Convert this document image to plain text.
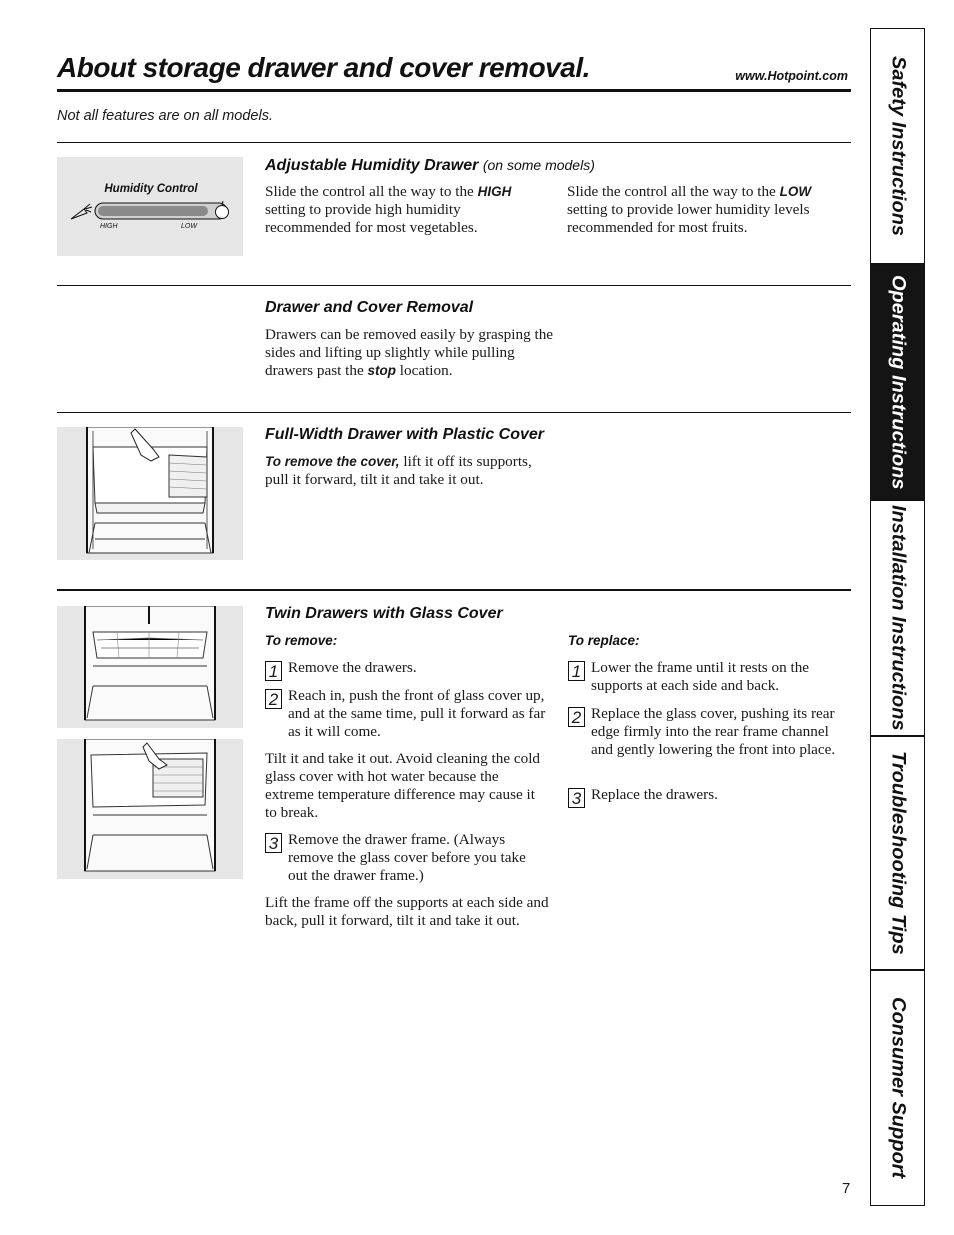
About storage drawer and cover removal.	www.Hotpoint.com
Not all features are on all models.
Humidity Control
HIGH	LOW
Adjustable Humidity Drawer (on some models)
Slide the control all the way to the HIGH setting to provide high humidity recommended for most vegetables.
Slide the control all the way to the LOW setting to provide lower humidity levels recommended for most fruits.
Drawer and Cover Removal
Drawers can be removed easily by grasping the sides and lifting up slightly while pulling drawers past the stop location.
Full-Width Drawer with Plastic Cover
To remove the cover, lift it off its supports, pull it forward, tilt it and take it out.
Twin Drawers with Glass Cover
To remove:	To replace:
1 Remove the drawers.
2 Reach in, push the front of glass cover up, and at the same time, pull it forward as far as it will come.
Tilt it and take it out. Avoid cleaning the cold glass cover with hot water because the extreme temperature difference may cause it to break.
3 Remove the drawer frame. (Always remove the glass cover before you take out the drawer frame.)
Lift the frame off the supports at each side and back, pull it forward, tilt it and take it out.
1 Lower the frame until it rests on the supports at each side and back.
2 Replace the glass cover, pushing its rear edge firmly into the rear frame channel and gently lowering the front into place.
3 Replace the drawers.
7
Safety Instructions
Operating Instructions
Installation Instructions
Troubleshooting Tips
Consumer Support
